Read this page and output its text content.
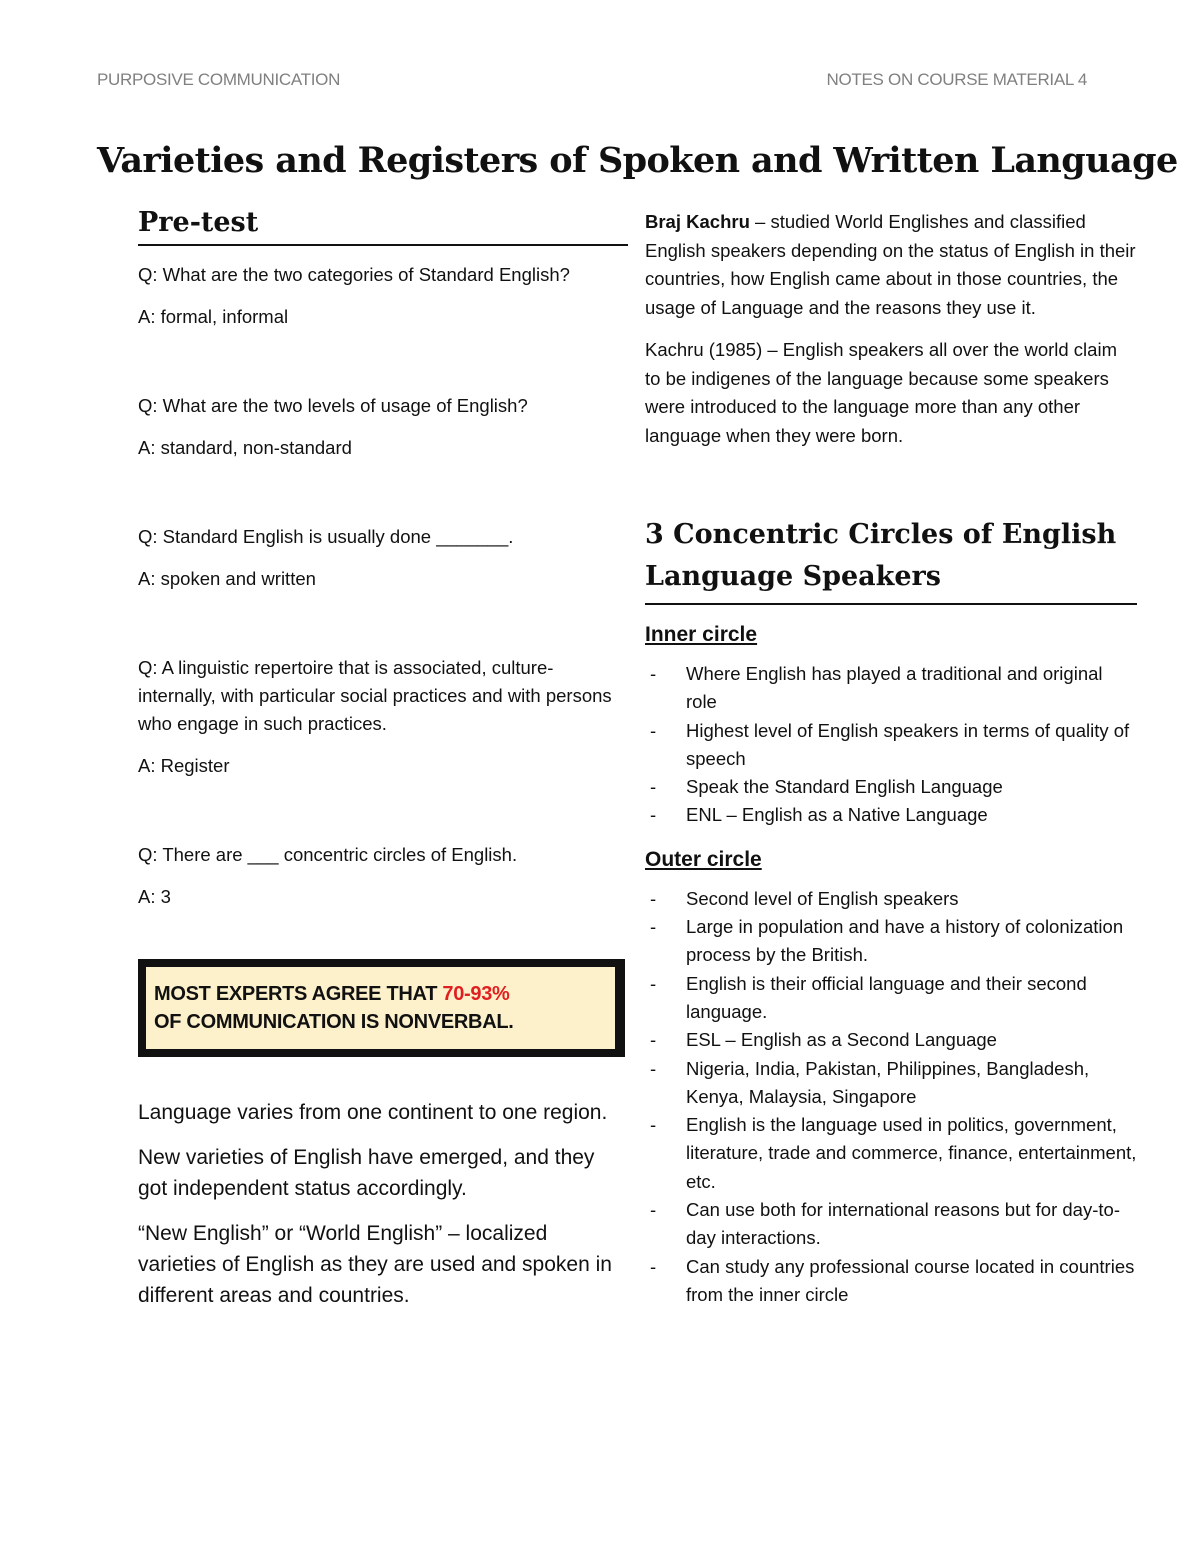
PURPOSIVE COMMUNICATION	NOTES ON COURSE MATERIAL 4
Varieties and Registers of Spoken and Written Language
Pre-test

Q: What are the two categories of Standard English?

A: formal, informal

Q: What are the two levels of usage of English?

A: standard, non-standard

Q: Standard English is usually done _______.

A: spoken and written

Q: A linguistic repertoire that is associated, culture-internally, with particular social practices and with persons who engage in such practices.

A: Register

Q: There are ___ concentric circles of English.

A: 3

MOST EXPERTS AGREE THAT 70-93%
OF COMMUNICATION IS NONVERBAL.

Language varies from one continent to one region.

New varieties of English have emerged, and they got independent status accordingly.

“New English” or “World English” – localized varieties of English as they are used and spoken in different areas and countries.

Braj Kachru – studied World Englishes and classified English speakers depending on the status of English in their countries, how English came about in those countries, the usage of Language and the reasons they use it.

Kachru (1985) – English speakers all over the world claim to be indigenes of the language because some speakers were introduced to the language more than any other language when they were born.

3 Concentric Circles of English Language Speakers

Inner circle

- Where English has played a traditional and original role
- Highest level of English speakers in terms of quality of speech
- Speak the Standard English Language
- ENL – English as a Native Language

Outer circle

- Second level of English speakers
- Large in population and have a history of colonization process by the British.
- English is their official language and their second language.
- ESL – English as a Second Language
- Nigeria, India, Pakistan, Philippines, Bangladesh, Kenya, Malaysia, Singapore
- English is the language used in politics, government, literature, trade and commerce, finance, entertainment, etc.
- Can use both for international reasons but for day-to-day interactions.
- Can study any professional course located in countries from the inner circle
